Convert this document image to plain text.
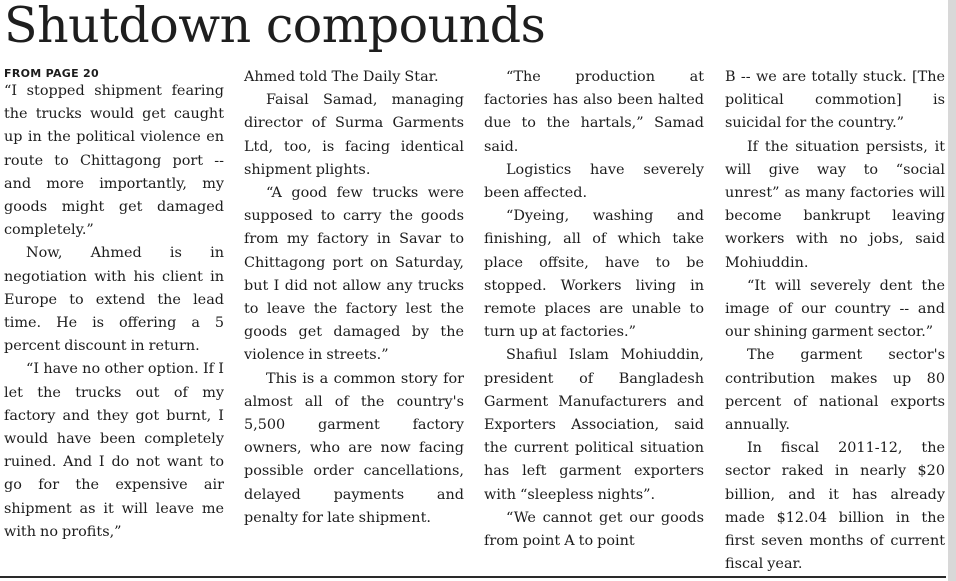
Shutdown compounds
FROM PAGE 20

“I stopped shipment fearing the trucks would get caught up in the political violence en route to Chittagong port -- and more importantly, my goods might get damaged completely.”

Now, Ahmed is in negotiation with his client in Europe to extend the lead time. He is offering a 5 percent discount in return.

“I have no other option. If I let the trucks out of my factory and they got burnt, I would have been completely ruined. And I do not want to go for the expensive air shipment as it will leave me with no profits,”

Ahmed told The Daily Star.

Faisal Samad, managing director of Surma Garments Ltd, too, is facing identical shipment plights.

“A good few trucks were supposed to carry the goods from my factory in Savar to Chittagong port on Saturday, but I did not allow any trucks to leave the factory lest the goods get damaged by the violence in streets.”

This is a common story for almost all of the country's 5,500 garment factory owners, who are now facing possible order cancellations, delayed payments and penalty for late shipment.

“The production at factories has also been halted due to the hartals,” Samad said.

Logistics have severely been affected.

“Dyeing, washing and finishing, all of which take place offsite, have to be stopped. Workers living in remote places are unable to turn up at factories.”

Shafiul Islam Mohiuddin, president of Bangladesh Garment Manufacturers and Exporters Association, said the current political situation has left garment exporters with “sleepless nights”.

“We cannot get our goods from point A to point

B -- we are totally stuck. [The political commotion] is suicidal for the country.”

If the situation persists, it will give way to “social unrest” as many factories will become bankrupt leaving workers with no jobs, said Mohiuddin.

“It will severely dent the image of our country -- and our shining garment sector.”

The garment sector's contribution makes up 80 percent of national exports annually.

In fiscal 2011-12, the sector raked in nearly $20 billion, and it has already made $12.04 billion in the first seven months of current fiscal year.
